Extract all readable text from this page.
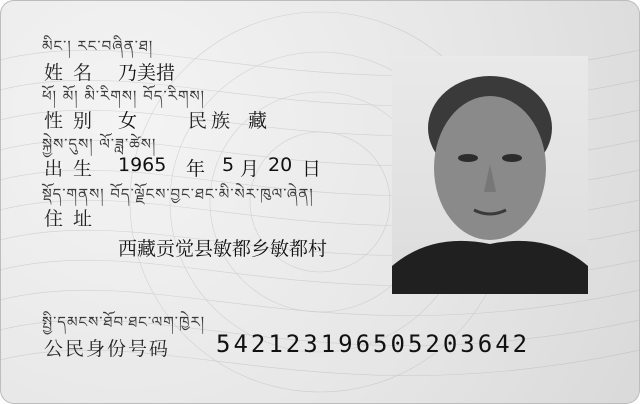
མིང་། རང་བཞིན་ཐ།
姓名 乃美措
ཕོ། མོ། མི་རིགས། བོད་རིགས།
性别 女	民族 藏
སྐྱེས་དུས། ལོ་ཟླ་ཚེས།
出生 1965 年 5 月 20 日
སྡོད་གནས། བོད་ལྗོངས་བྱང་ཐང་མི་སེར་ཁུལ་ཞེན།
住址
西藏贡觉县敏都乡敏都村
སྤྱི་དམངས་ཐོབ་ཐང་ལག་ཁྱེར།
公民身份号码 542123196505203642
